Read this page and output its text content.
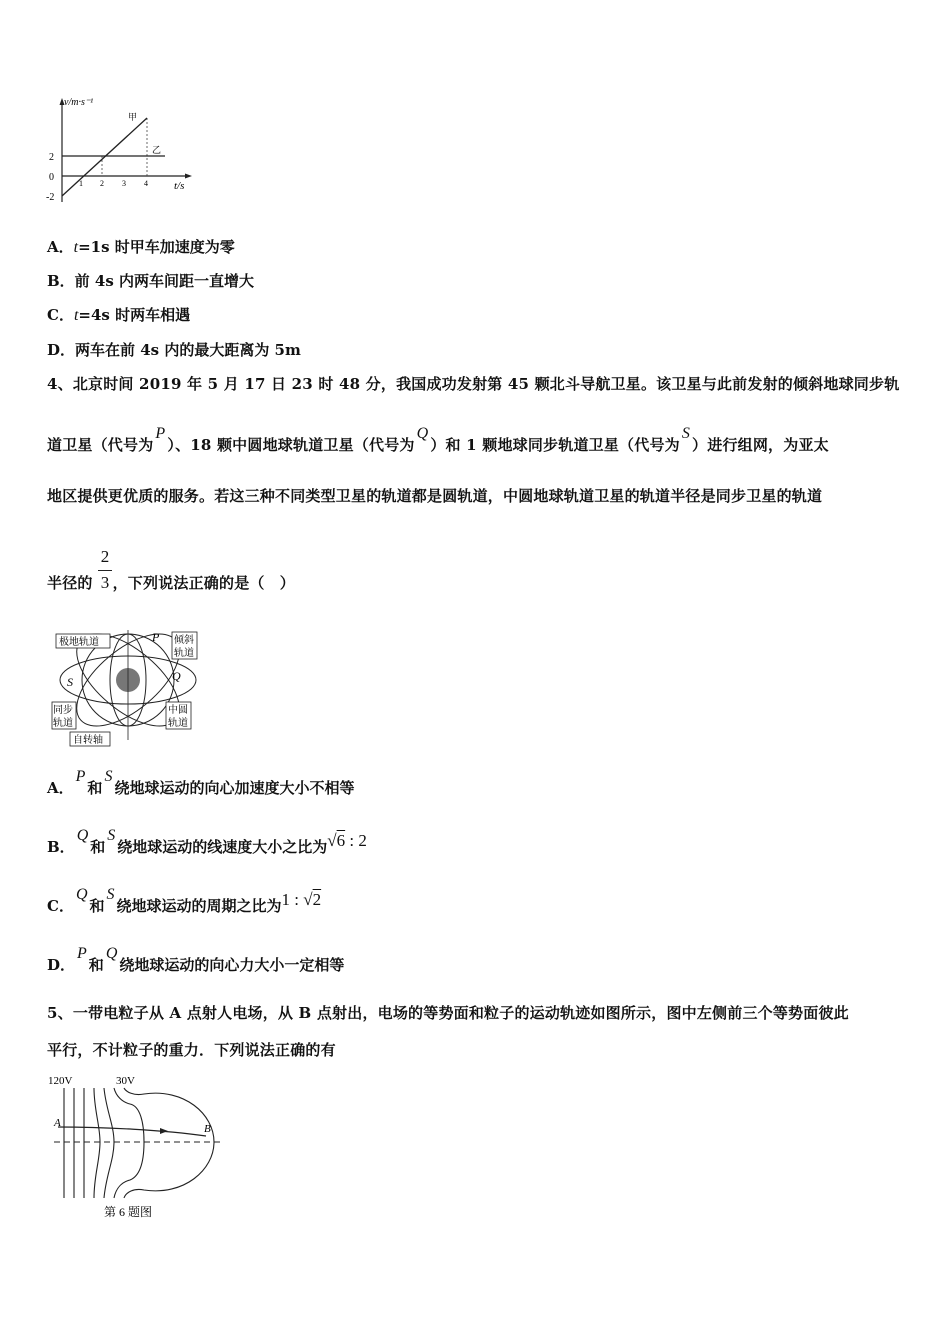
v/m·s⁻¹
甲
乙
2
0
-2
1 2 3 4 t/s
A．t=1s 时甲车加速度为零
B．前 4s 内两车间距一直增大
C．t=4s 时两车相遇
D．两车在前 4s 内的最大距离为 5m
4、北京时间 2019 年 5 月 17 日 23 时 48 分，我国成功发射第 45 颗北斗导航卫星。该卫星与此前发射的倾斜地球同步轨
道卫星（代号为P）、18 颗中圆地球轨道卫星（代号为Q）和 1 颗地球同步轨道卫星（代号为S）进行组网，为亚太
地区提供更优质的服务。若这三种不同类型卫星的轨道都是圆轨道，中圆地球轨道卫星的轨道半径是同步卫星的轨道
半径的 ，下列说法正确的是（　）
2
3
极地轨道	P 倾斜
轨道
S	Q
同步
轨道
中圆
轨道
自转轴
A．P和S绕地球运动的向心加速度大小不相等
B．Q和S绕地球运动的线速度大小之比为√6 : 2
C．Q和S绕地球运动的周期之比为1 : √2
D．P和Q绕地球运动的向心力大小一定相等
5、一带电粒子从 A 点射人电场，从 B 点射出，电场的等势面和粒子的运动轨迹如图所示，图中左侧前三个等势面彼此
平行，不计粒子的重力．下列说法正确的有
120V	30V
A	B
第 6 题图
